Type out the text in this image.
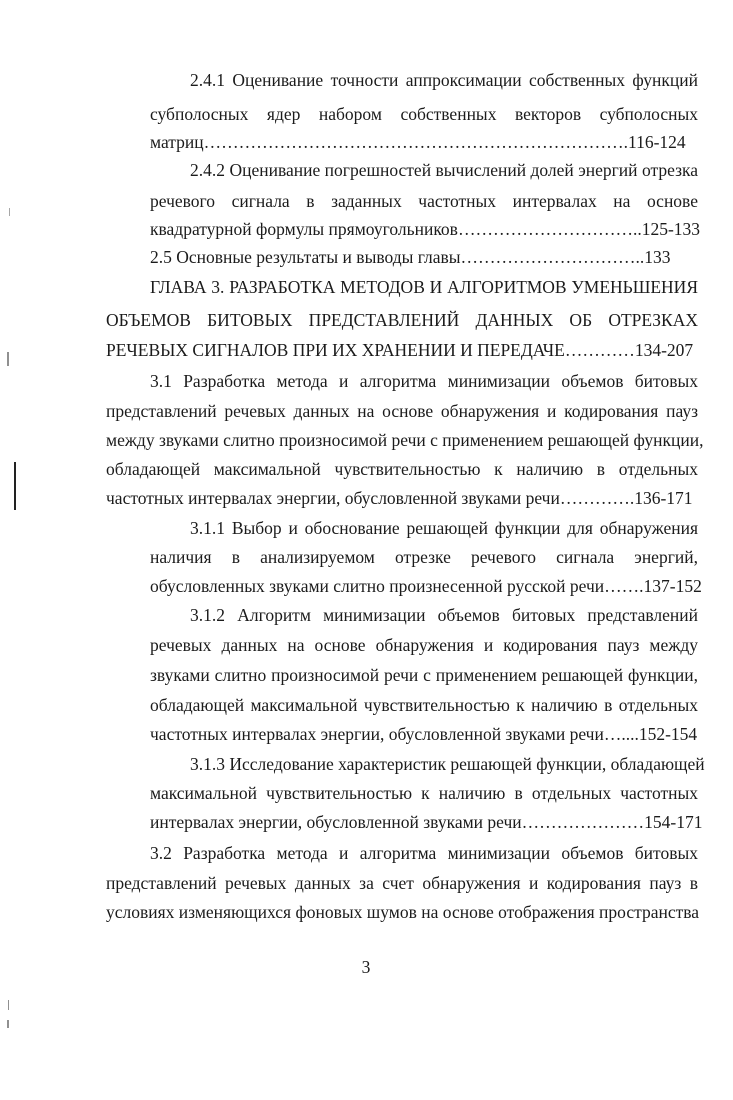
2.4.1 Оценивание точности аппроксимации собственных функций
субполосных ядер набором собственных векторов субполосных
матриц……………………………………………………………….116-124
2.4.2 Оценивание погрешностей вычислений долей энергий отрезка
речевого сигнала в заданных частотных интервалах на основе
квадратурной формулы прямоугольников…………………………..125-133
2.5 Основные результаты и выводы главы…………………………..133
ГЛАВА 3. РАЗРАБОТКА МЕТОДОВ И АЛГОРИТМОВ УМЕНЬШЕНИЯ
ОБЪЕМОВ БИТОВЫХ ПРЕДСТАВЛЕНИЙ ДАННЫХ ОБ ОТРЕЗКАХ
РЕЧЕВЫХ СИГНАЛОВ ПРИ ИХ ХРАНЕНИИ И ПЕРЕДАЧЕ…………134-207
3.1 Разработка метода и алгоритма минимизации объемов битовых
представлений речевых данных на основе обнаружения и кодирования пауз
между звуками слитно произносимой речи с применением решающей функции,
обладающей максимальной чувствительностью к наличию в отдельных
частотных интервалах энергии, обусловленной звуками речи………….136-171
3.1.1 Выбор и обоснование решающей функции для обнаружения
наличия в анализируемом отрезке речевого сигнала энергий,
обусловленных звуками слитно произнесенной русской речи…….137-152
3.1.2 Алгоритм минимизации объемов битовых представлений
речевых данных на основе обнаружения и кодирования пауз между
звуками слитно произносимой речи с применением решающей функции,
обладающей максимальной чувствительностью к наличию в отдельных
частотных интервалах энергии, обусловленной звуками речи…....152-154
3.1.3 Исследование характеристик решающей функции, обладающей
максимальной чувствительностью к наличию в отдельных частотных
интервалах энергии, обусловленной звуками речи…………………154-171
3.2 Разработка метода и алгоритма минимизации объемов битовых
представлений речевых данных за счет обнаружения и кодирования пауз в
условиях изменяющихся фоновых шумов на основе отображения пространства
3
